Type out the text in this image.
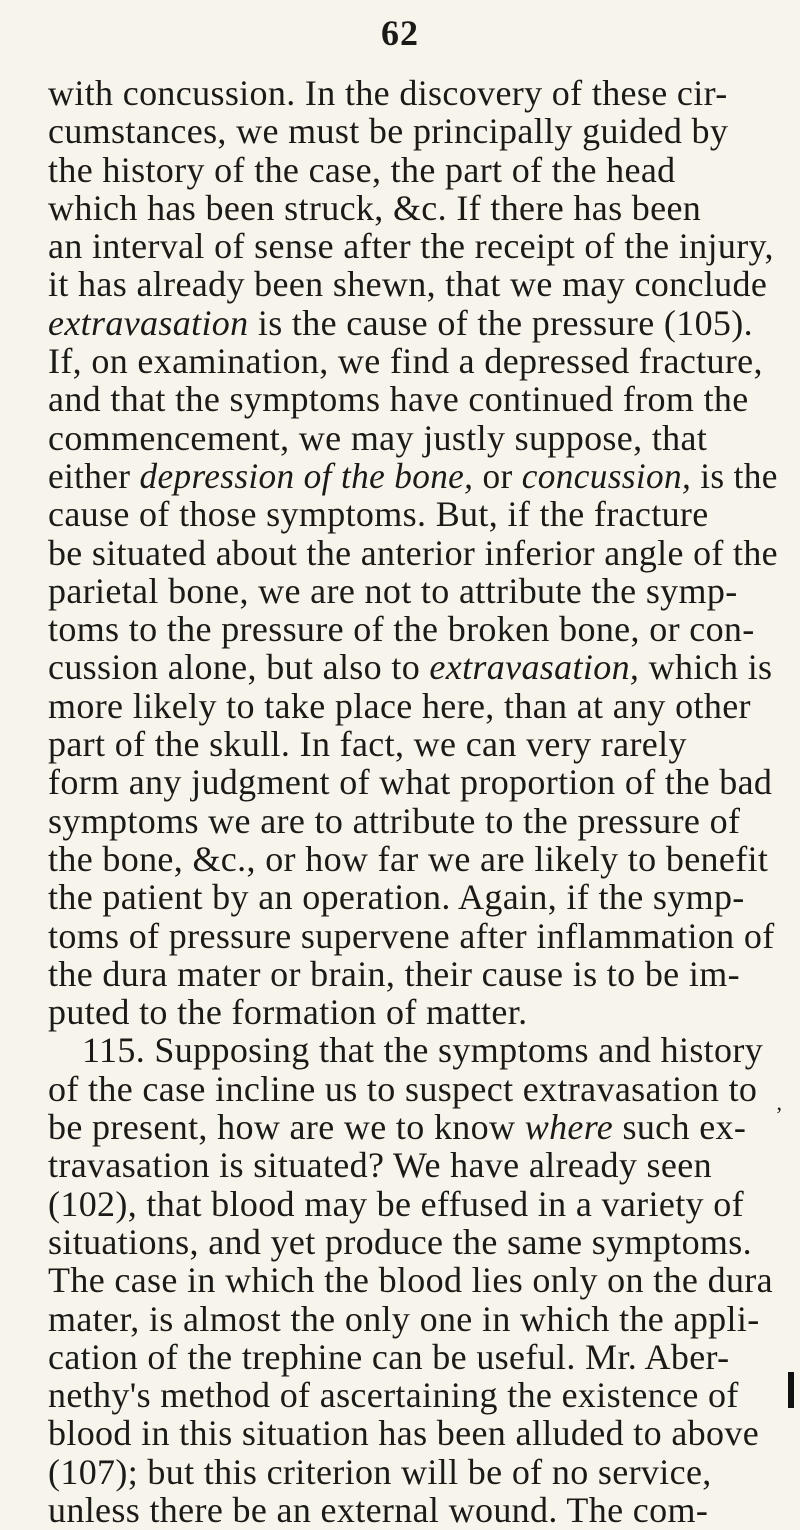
62
with concussion. In the discovery of these cir-
cumstances, we must be principally guided by
the history of the case, the part of the head
which has been struck, &c. If there has been
an interval of sense after the receipt of the injury,
it has already been shewn, that we may conclude
extravasation is the cause of the pressure (105).
If, on examination, we find a depressed fracture,
and that the symptoms have continued from the
commencement, we may justly suppose, that
either depression of the bone, or concussion, is the
cause of those symptoms. But, if the fracture
be situated about the anterior inferior angle of the
parietal bone, we are not to attribute the symp-
toms to the pressure of the broken bone, or con-
cussion alone, but also to extravasation, which is
more likely to take place here, than at any other
part of the skull. In fact, we can very rarely
form any judgment of what proportion of the bad
symptoms we are to attribute to the pressure of
the bone, &c., or how far we are likely to benefit
the patient by an operation. Again, if the symp-
toms of pressure supervene after inflammation of
the dura mater or brain, their cause is to be im-
puted to the formation of matter.
115. Supposing that the symptoms and history
of the case incline us to suspect extravasation to
be present, how are we to know where such ex-
travasation is situated? We have already seen
(102), that blood may be effused in a variety of
situations, and yet produce the same symptoms.
The case in which the blood lies only on the dura
mater, is almost the only one in which the appli-
cation of the trephine can be useful. Mr. Aber-
nethy's method of ascertaining the existence of
blood in this situation has been alluded to above
(107); but this criterion will be of no service,
unless there be an external wound. The com-
,
